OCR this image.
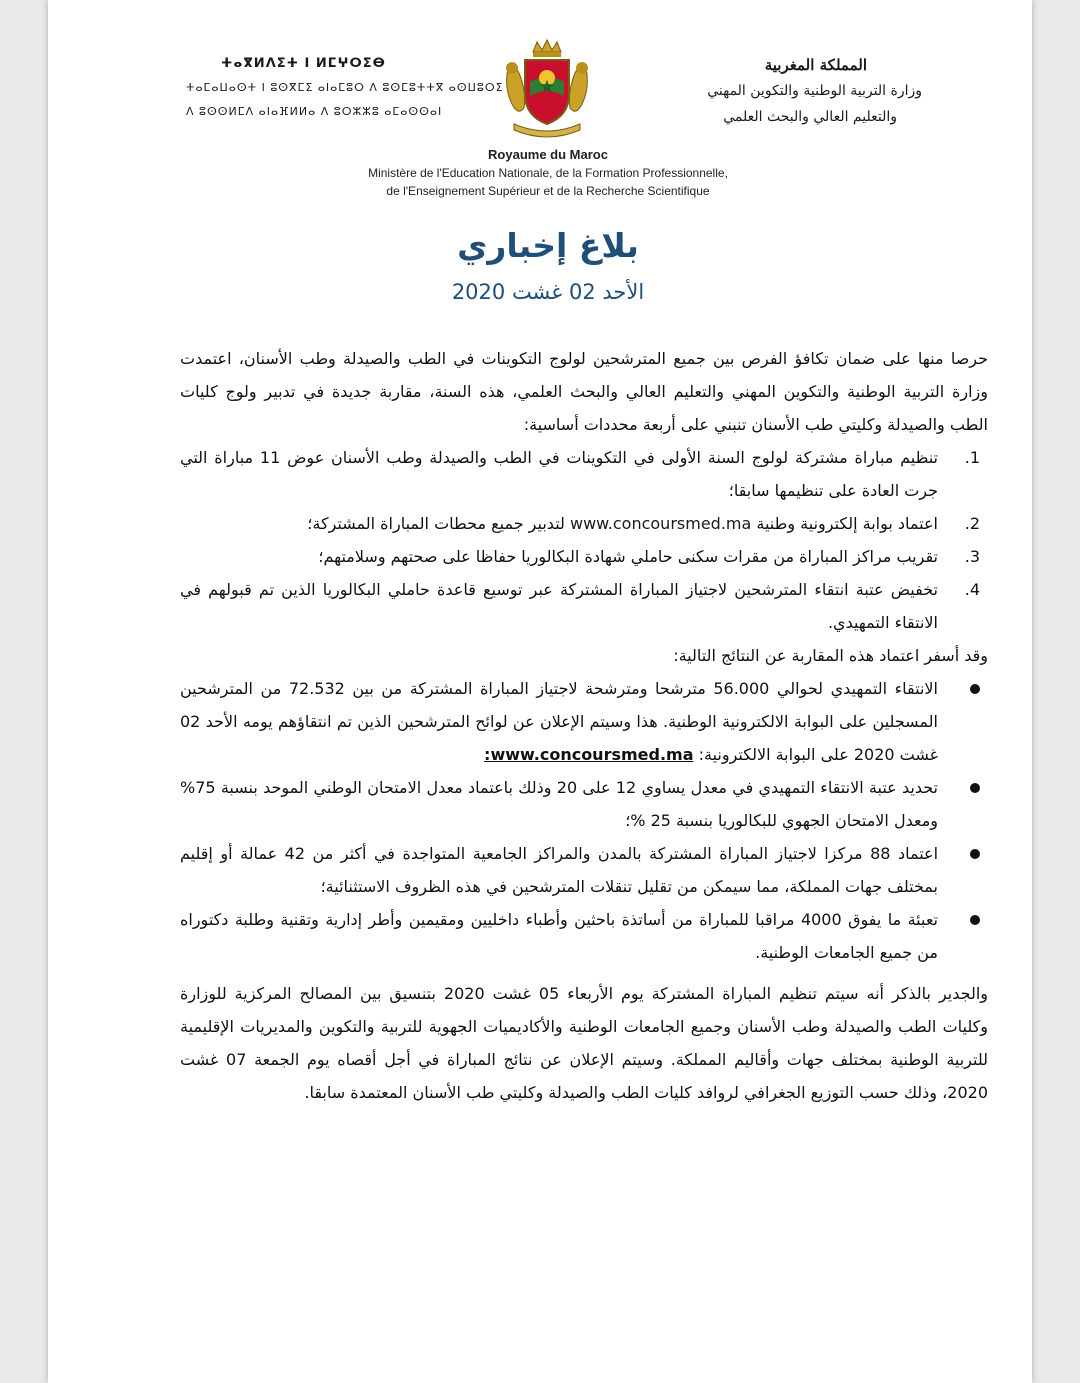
ⵜⴰⴳⵍⴷⵉⵜ ⵏ ⵍⵎⵖⵔⵉⴱ
ⵜⴰⵎⴰⵡⴰⵙⵜ ⵏ ⵓⵙⴳⵎⵉ ⴰⵏⴰⵎⵓⵔ ⴷ ⵓⵙⵎⵓⵜⵜⴳ ⴰⵙⵡⵓⵔⵉ
ⴷ ⵓⵙⵙⵍⵎⴷ ⴰⵏⴰⴼⵍⵍⴰ ⴷ ⵓⵔⵣⵣⵓ ⴰⵎⴰⵙⵙⴰⵏ
المملكة المغربية
وزارة التربية الوطنية والتكوين المهني
والتعليم العالي والبحث العلمي
Royaume du Maroc
Ministère de l'Education Nationale, de la Formation Professionnelle,
de l'Enseignement Supérieur et de la Recherche Scientifique
بلاغ إخباري
الأحد 02 غشت 2020

حرصا منها على ضمان تكافؤ الفرص بين جميع المترشحين لولوج التكوينات في الطب والصيدلة وطب الأسنان، اعتمدت وزارة التربية الوطنية والتكوين المهني والتعليم العالي والبحث العلمي، هذه السنة، مقاربة جديدة في تدبير ولوج كليات الطب والصيدلة وكليتي طب الأسنان تنبني على أربعة محددات أساسية:

1.
تنظيم مباراة مشتركة لولوج السنة الأولى في التكوينات في الطب والصيدلة وطب الأسنان عوض 11 مباراة التي جرت العادة على تنظيمها سابقا؛
2.
اعتماد بوابة إلكترونية وطنية www.concoursmed.ma لتدبير جميع محطات المباراة المشتركة؛
3.
تقريب مراكز المباراة من مقرات سكنى حاملي شهادة البكالوريا حفاظا على صحتهم وسلامتهم؛
4.
تخفيض عتبة انتقاء المترشحين لاجتياز المباراة المشتركة عبر توسيع قاعدة حاملي البكالوريا الذين تم قبولهم في الانتقاء التمهيدي.

وقد أسفر اعتماد هذه المقاربة عن النتائج التالية:

الانتقاء التمهيدي لحوالي 56.000 مترشحا ومترشحة لاجتياز المباراة المشتركة من بين 72.532 من المترشحين المسجلين على البوابة الالكترونية الوطنية. هذا وسيتم الإعلان عن لوائح المترشحين الذين تم انتقاؤهم يومه الأحد 02 غشت 2020 على البوابة الالكترونية: www.concoursmed.ma:
تحديد عتبة الانتقاء التمهيدي في معدل يساوي 12 على 20 وذلك باعتماد معدل الامتحان الوطني الموحد بنسبة 75% ومعدل الامتحان الجهوي للبكالوريا بنسبة 25 %؛
اعتماد 88 مركزا لاجتياز المباراة المشتركة بالمدن والمراكز الجامعية المتواجدة في أكثر من 42 عمالة أو إقليم بمختلف جهات المملكة، مما سيمكن من تقليل تنقلات المترشحين في هذه الظروف الاستثنائية؛
تعبئة ما يفوق 4000 مراقبا للمباراة من أساتذة باحثين وأطباء داخليين ومقيمين وأطر إدارية وتقنية وطلبة دكتوراه من جميع الجامعات الوطنية.

والجدير بالذكر أنه سيتم تنظيم المباراة المشتركة يوم الأربعاء 05 غشت 2020 بتنسيق بين المصالح المركزية للوزارة وكليات الطب والصيدلة وطب الأسنان وجميع الجامعات الوطنية والأكاديميات الجهوية للتربية والتكوين والمديريات الإقليمية للتربية الوطنية بمختلف جهات وأقاليم المملكة. وسيتم الإعلان عن نتائج المباراة في أجل أقصاه يوم الجمعة 07 غشت 2020، وذلك حسب التوزيع الجغرافي لروافد كليات الطب والصيدلة وكليتي طب الأسنان المعتمدة سابقا.
